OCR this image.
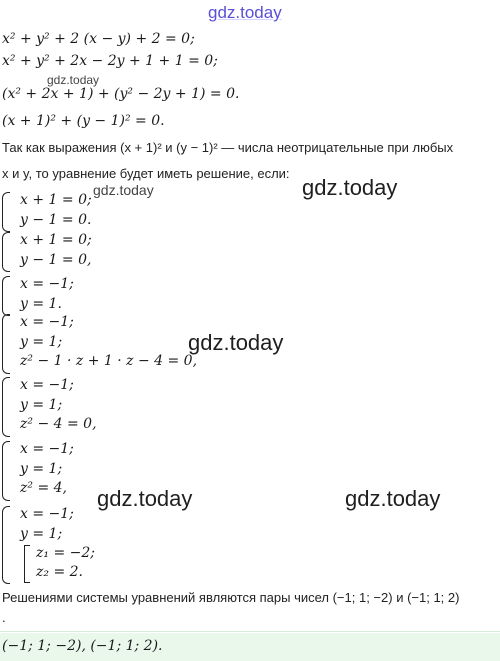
gdz.today
gdz.today
gdz.today	gdz.today
gdz.today
gdz.today	gdz.today
x² + y² + 2 (x − y) + 2 = 0;
x² + y² + 2x − 2y + 1 + 1 = 0;
(x² + 2x + 1) + (y² − 2y + 1) = 0.
(x + 1)² + (y − 1)² = 0.
Так как выражения (x + 1)² и (y − 1)² — числа неотрицательные при любых
x и y, то уравнение будет иметь решение, если:
x + 1 = 0;
y − 1 = 0.
x + 1 = 0;
y − 1 = 0,
x = −1;
y = 1.
x = −1;
y = 1;
z² − 1 · z + 1 · z − 4 = 0,
x = −1;
y = 1;
z² − 4 = 0,
x = −1;
y = 1;
z² = 4,
x = −1;
y = 1;
z₁ = −2;
z₂ = 2.
Решениями системы уравнений являются пары чисел (−1; 1; −2) и (−1; 1; 2)
.
(−1; 1; −2), (−1; 1; 2).
